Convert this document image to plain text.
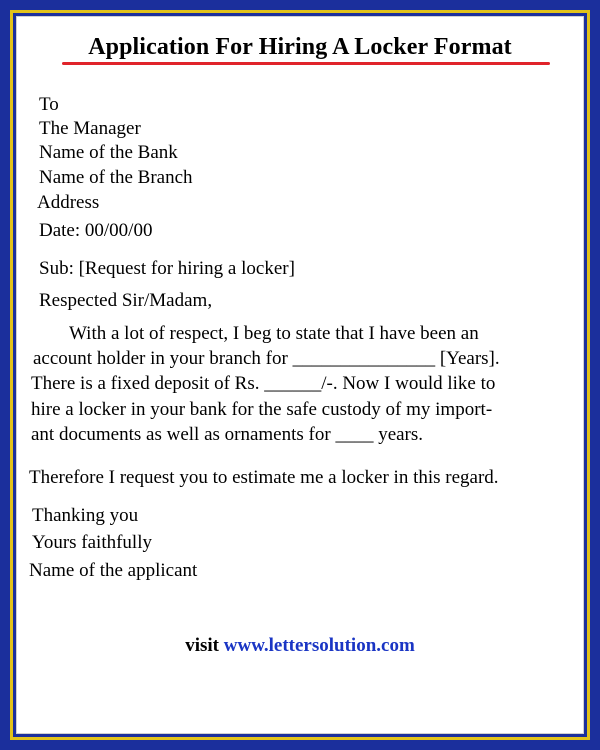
Application For Hiring A Locker Format
To
The Manager
Name of the Bank
Name of the Branch
Address
Date: 00/00/00
Sub: [Request for hiring a locker]
Respected Sir/Madam,
With a lot of respect, I beg to state that I have been an
account holder in your branch for _______________ [Years].
There is a fixed deposit of Rs. ______/-. Now I would like to
hire a locker in your bank for the safe custody of my import-
ant documents as well as ornaments for ____ years.
Therefore I request you to estimate me a locker in this regard.
Thanking you
Yours faithfully
Name of the applicant
visit www.lettersolution.com
